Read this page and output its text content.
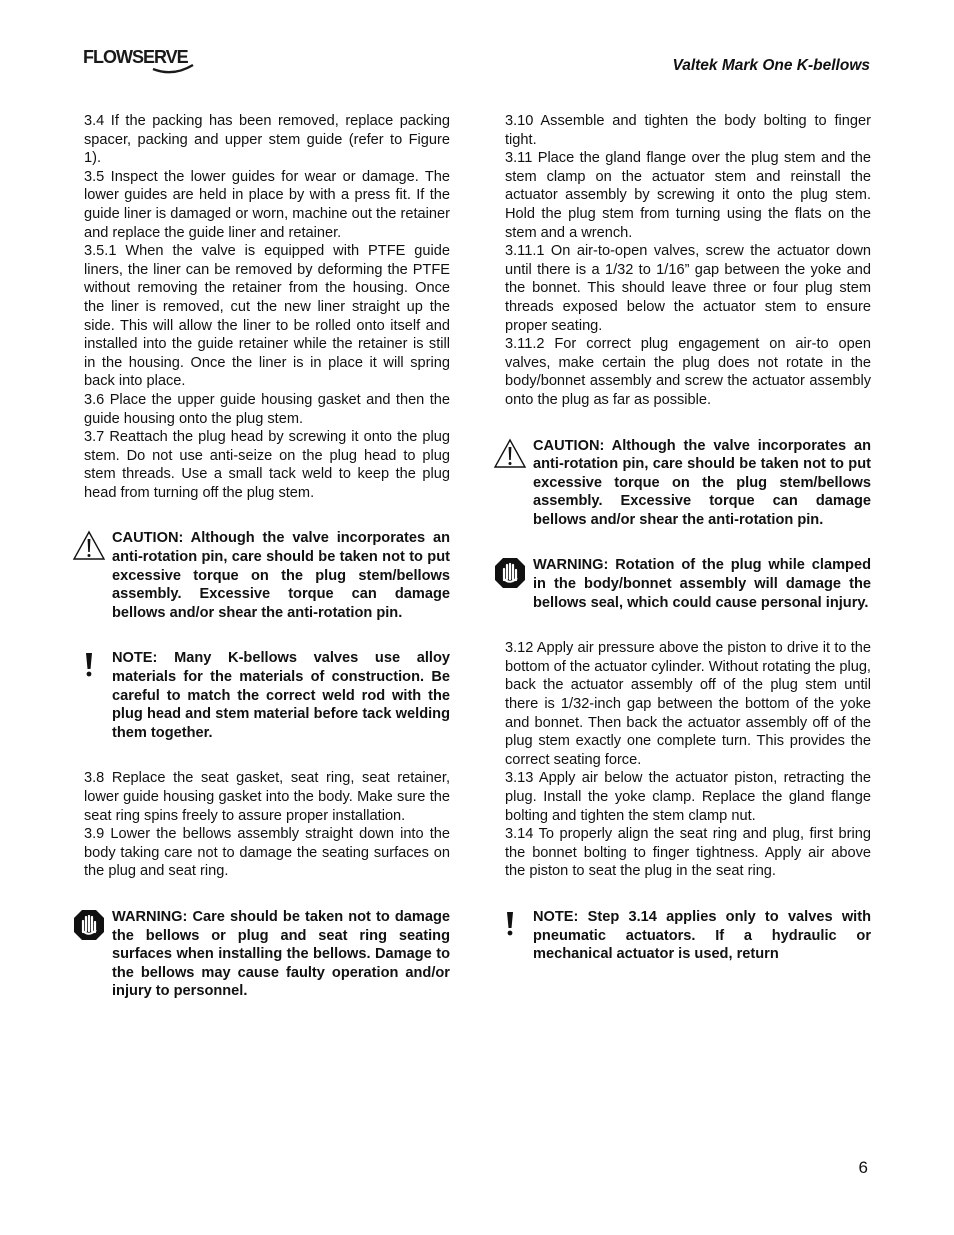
FLOWSERVE	Valtek Mark One K-bellows

3.4 If the packing has been removed, replace packing spacer, packing and upper stem guide (refer to Figure 1).

3.5 Inspect the lower guides for wear or damage. The lower guides are held in place by with a press fit. If the guide liner is damaged or worn, machine out the retainer and replace the guide liner and retainer.

3.5.1 When the valve is equipped with PTFE guide liners, the liner can be removed by deforming the PTFE without removing the retainer from the housing. Once the liner is removed, cut the new liner straight up the side. This will allow the liner to be rolled onto itself and installed into the guide retainer while the retainer is still in the housing. Once the liner is in place it will spring back into place.

3.6 Place the upper guide housing gasket and then the guide housing onto the plug stem.

3.7 Reattach the plug head by screwing it onto the plug stem. Do not use anti-seize on the plug head to plug stem threads. Use a small tack weld to keep the plug head from turning off the plug stem.

CAUTION: Although the valve incorporates an anti-rotation pin, care should be taken not to put excessive torque on the plug stem/bellows assembly. Excessive torque can damage bellows and/or shear the anti-rotation pin.
NOTE: Many K-bellows valves use alloy materials for the materials of construction. Be careful to match the correct weld rod with the plug head and stem material before tack welding them together.

3.8 Replace the seat gasket, seat ring, seat retainer, lower guide housing gasket into the body. Make sure the seat ring spins freely to assure proper installation.

3.9 Lower the bellows assembly straight down into the body taking care not to damage the seating surfaces on the plug and seat ring.

WARNING: Care should be taken not to damage the bellows or plug and seat ring seating surfaces when installing the bellows. Damage to the bellows may cause faulty operation and/or injury to personnel.

3.10 Assemble and tighten the body bolting to finger tight.

3.11 Place the gland flange over the plug stem and the stem clamp on the actuator stem and reinstall the actuator assembly by screwing it onto the plug stem. Hold the plug stem from turning using the flats on the stem and a wrench.

3.11.1 On air-to-open valves, screw the actuator down until there is a 1/32 to 1/16” gap between the yoke and the bonnet. This should leave three or four plug stem threads exposed below the actuator stem to ensure proper seating.

3.11.2 For correct plug engagement on air-to open valves, make certain the plug does not rotate in the body/bonnet assembly and screw the actuator assembly onto the plug as far as possible.

CAUTION: Although the valve incorporates an anti-rotation pin, care should be taken not to put excessive torque on the plug stem/bellows assembly. Excessive torque can damage bellows and/or shear the anti-rotation pin.
WARNING: Rotation of the plug while clamped in the body/bonnet assembly will damage the bellows seal, which could cause personal injury.

3.12 Apply air pressure above the piston to drive it to the bottom of the actuator cylinder. Without rotating the plug, back the actuator assembly off of the plug stem until there is 1/32-inch gap between the bottom of the yoke and bonnet. Then back the actuator assembly off of the plug stem exactly one complete turn. This provides the correct seating force.

3.13 Apply air below the actuator piston, retracting the plug. Install the yoke clamp. Replace the gland flange bolting and tighten the stem clamp nut.

3.14 To properly align the seat ring and plug, first bring the bonnet bolting to finger tightness. Apply air above the piston to seat the plug in the seat ring.

NOTE: Step 3.14 applies only to valves with pneumatic actuators. If a hydraulic or mechanical actuator is used, return
6
